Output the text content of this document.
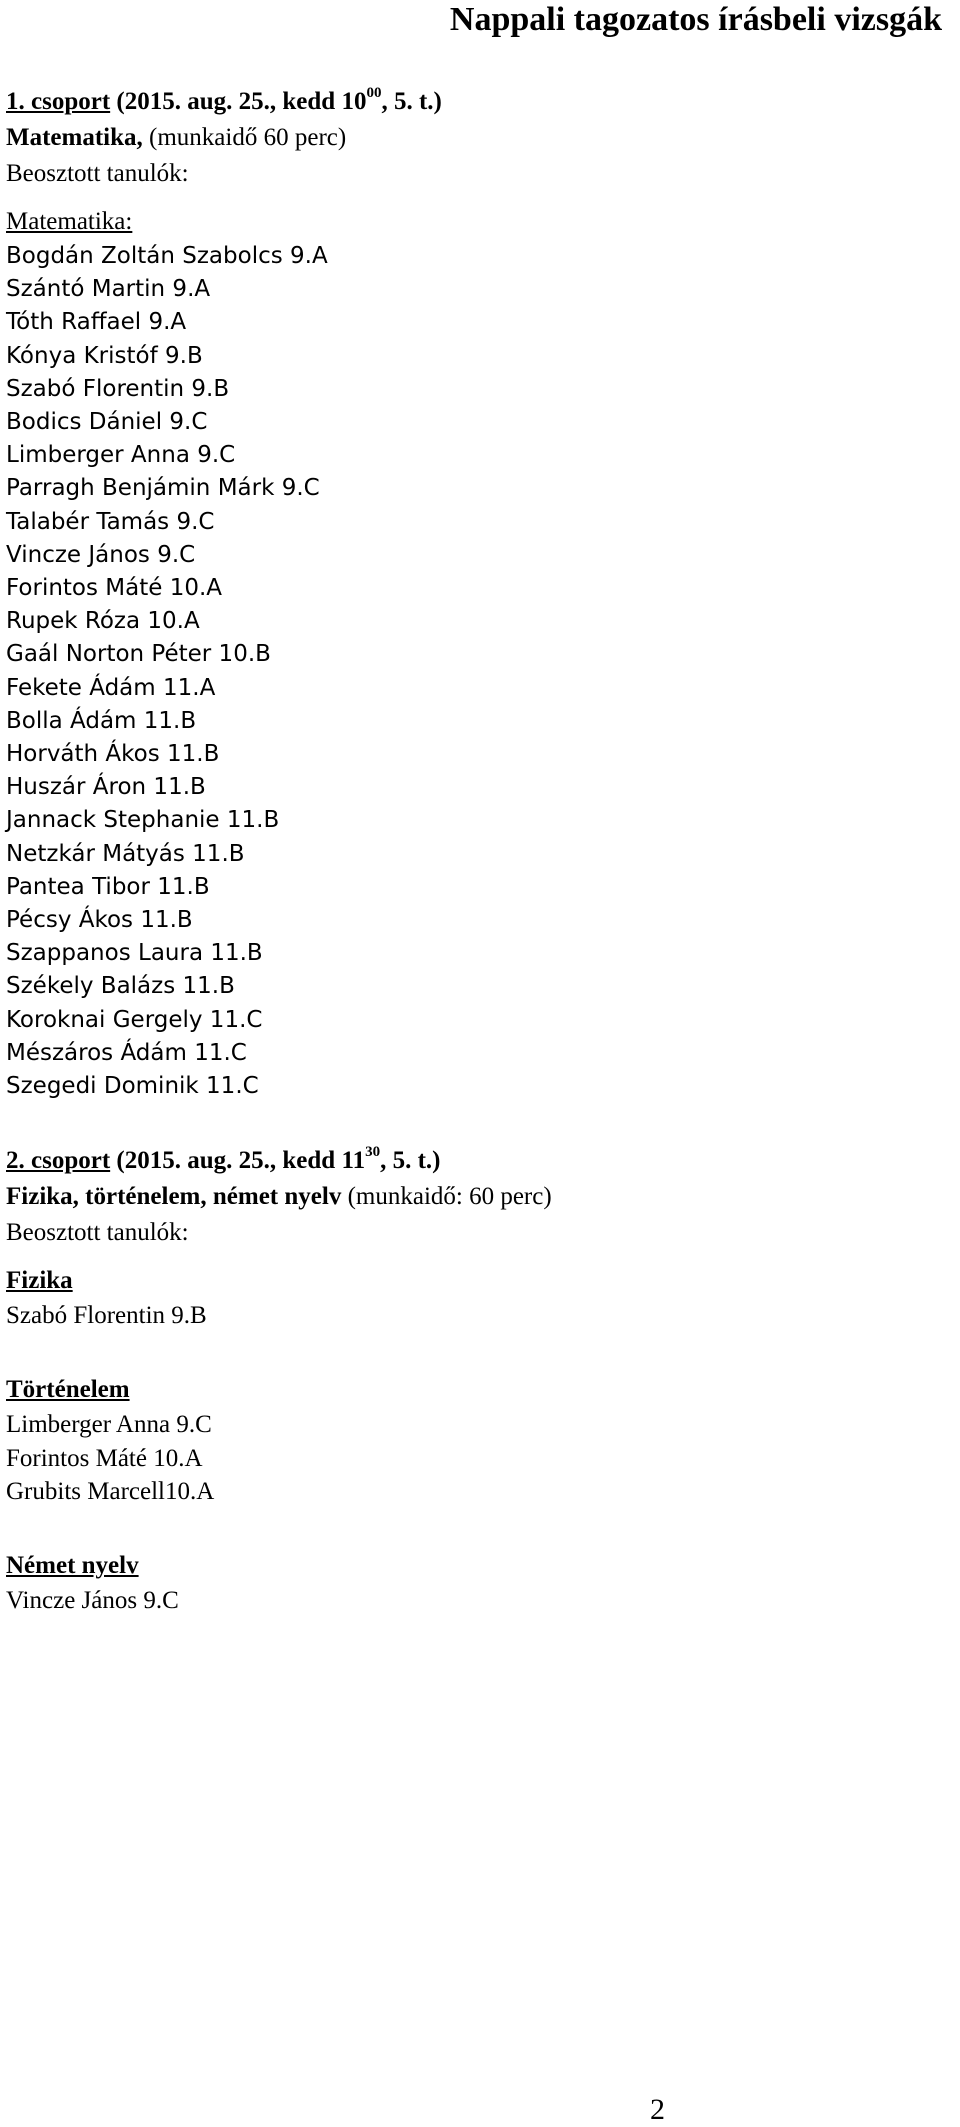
Nappali tagozatos írásbeli vizsgák
1. csoport (2015. aug. 25., kedd $10^{00}$, 5. t.)
Matematika, (munkaidő 60 perc)
Beosztott tanulók:
Matematika:
Bogdán Zoltán Szabolcs 9.A
Szántó Martin 9.A
Tóth Raffael 9.A
Kónya Kristóf 9.B
Szabó Florentin 9.B
Bodics Dániel 9.C
Limberger Anna 9.C
Parragh Benjámin Márk 9.C
Talabér Tamás 9.C
Vincze János 9.C
Forintos Máté 10.A
Rupek Róza 10.A
Gaál Norton Péter 10.B
Fekete Ádám 11.A
Bolla Ádám 11.B
Horváth Ákos 11.B
Huszár Áron 11.B
Jannack Stephanie 11.B
Netzkár Mátyás 11.B
Pantea Tibor 11.B
Pécsy Ákos 11.B
Szappanos Laura 11.B
Székely Balázs 11.B
Koroknai Gergely 11.C
Mészáros Ádám 11.C
Szegedi Dominik 11.C
2. csoport (2015. aug. 25., kedd $11^{30}$, 5. t.)
Fizika, történelem, német nyelv (munkaidő: 60 perc)
Beosztott tanulók:
Fizika
Szabó Florentin 9.B
Történelem
Limberger Anna 9.C
Forintos Máté 10.A
Grubits Marcell10.A
Német nyelv
Vincze János 9.C
2
